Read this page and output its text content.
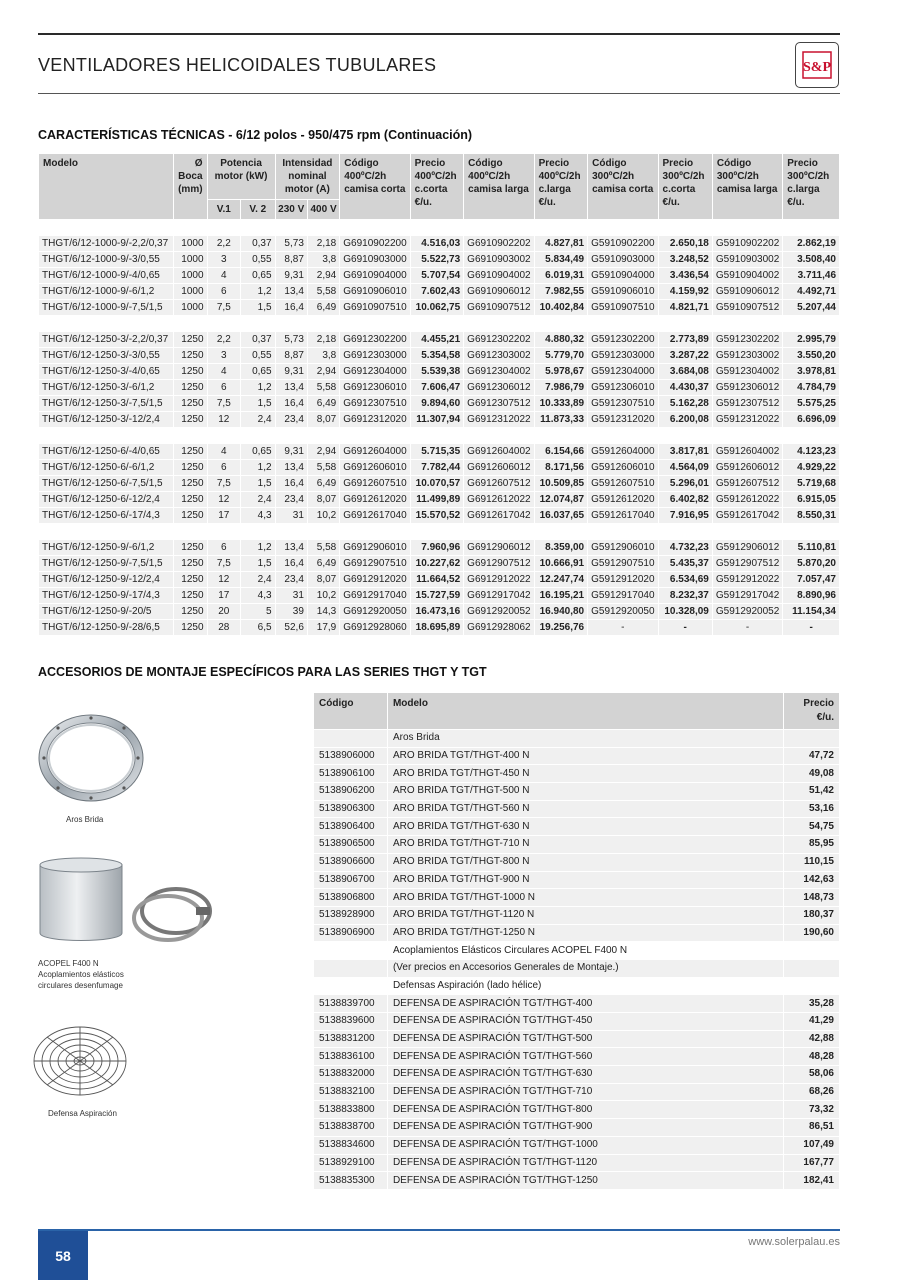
VENTILADORES HELICOIDALES TUBULARES	S&P
CARACTERÍSTICAS TÉCNICAS - 6/12 polos - 950/475 rpm (Continuación)
Modelo	Ø Boca (mm)	Potencia motor (kW)		Intensidad nominal motor (A)		Código 400ºC/2h camisa corta	Precio 400ºC/2h c.corta €/u.	Código 400ºC/2h camisa larga	Precio 400ºC/2h c.larga €/u.	Código 300ºC/2h camisa corta	Precio 300ºC/2h c.corta €/u.	Código 300ºC/2h camisa larga	Precio 300ºC/2h c.larga €/u.
		V.1	V. 2	230 V	400 V								

THGT/6/12-1000-9/-2,2/0,37	1000	2,2	0,37	5,73	2,18	G6910902200	4.516,03	G6910902202	4.827,81	G5910902200	2.650,18	G5910902202	2.862,19
THGT/6/12-1000-9/-3/0,55	1000	3	0,55	8,87	3,8	G6910903000	5.522,73	G6910903002	5.834,49	G5910903000	3.248,52	G5910903002	3.508,40
THGT/6/12-1000-9/-4/0,65	1000	4	0,65	9,31	2,94	G6910904000	5.707,54	G6910904002	6.019,31	G5910904000	3.436,54	G5910904002	3.711,46
THGT/6/12-1000-9/-6/1,2	1000	6	1,2	13,4	5,58	G6910906010	7.602,43	G6910906012	7.982,55	G5910906010	4.159,92	G5910906012	4.492,71
THGT/6/12-1000-9/-7,5/1,5	1000	7,5	1,5	16,4	6,49	G6910907510	10.062,75	G6910907512	10.402,84	G5910907510	4.821,71	G5910907512	5.207,44

THGT/6/12-1250-3/-2,2/0,37	1250	2,2	0,37	5,73	2,18	G6912302200	4.455,21	G6912302202	4.880,32	G5912302200	2.773,89	G5912302202	2.995,79
THGT/6/12-1250-3/-3/0,55	1250	3	0,55	8,87	3,8	G6912303000	5.354,58	G6912303002	5.779,70	G5912303000	3.287,22	G5912303002	3.550,20
THGT/6/12-1250-3/-4/0,65	1250	4	0,65	9,31	2,94	G6912304000	5.539,38	G6912304002	5.978,67	G5912304000	3.684,08	G5912304002	3.978,81
THGT/6/12-1250-3/-6/1,2	1250	6	1,2	13,4	5,58	G6912306010	7.606,47	G6912306012	7.986,79	G5912306010	4.430,37	G5912306012	4.784,79
THGT/6/12-1250-3/-7,5/1,5	1250	7,5	1,5	16,4	6,49	G6912307510	9.894,60	G6912307512	10.333,89	G5912307510	5.162,28	G5912307512	5.575,25
THGT/6/12-1250-3/-12/2,4	1250	12	2,4	23,4	8,07	G6912312020	11.307,94	G6912312022	11.873,33	G5912312020	6.200,08	G5912312022	6.696,09

THGT/6/12-1250-6/-4/0,65	1250	4	0,65	9,31	2,94	G6912604000	5.715,35	G6912604002	6.154,66	G5912604000	3.817,81	G5912604002	4.123,23
THGT/6/12-1250-6/-6/1,2	1250	6	1,2	13,4	5,58	G6912606010	7.782,44	G6912606012	8.171,56	G5912606010	4.564,09	G5912606012	4.929,22
THGT/6/12-1250-6/-7,5/1,5	1250	7,5	1,5	16,4	6,49	G6912607510	10.070,57	G6912607512	10.509,85	G5912607510	5.296,01	G5912607512	5.719,68
THGT/6/12-1250-6/-12/2,4	1250	12	2,4	23,4	8,07	G6912612020	11.499,89	G6912612022	12.074,87	G5912612020	6.402,82	G5912612022	6.915,05
THGT/6/12-1250-6/-17/4,3	1250	17	4,3	31	10,2	G6912617040	15.570,52	G6912617042	16.037,65	G5912617040	7.916,95	G5912617042	8.550,31

THGT/6/12-1250-9/-6/1,2	1250	6	1,2	13,4	5,58	G6912906010	7.960,96	G6912906012	8.359,00	G5912906010	4.732,23	G5912906012	5.110,81
THGT/6/12-1250-9/-7,5/1,5	1250	7,5	1,5	16,4	6,49	G6912907510	10.227,62	G6912907512	10.666,91	G5912907510	5.435,37	G5912907512	5.870,20
THGT/6/12-1250-9/-12/2,4	1250	12	2,4	23,4	8,07	G6912912020	11.664,52	G6912912022	12.247,74	G5912912020	6.534,69	G5912912022	7.057,47
THGT/6/12-1250-9/-17/4,3	1250	17	4,3	31	10,2	G6912917040	15.727,59	G6912917042	16.195,21	G5912917040	8.232,37	G5912917042	8.890,96
THGT/6/12-1250-9/-20/5	1250	20	5	39	14,3	G6912920050	16.473,16	G6912920052	16.940,80	G5912920050	10.328,09	G5912920052	11.154,34
THGT/6/12-1250-9/-28/6,5	1250	28	6,5	52,6	17,9	G6912928060	18.695,89	G6912928062	19.256,76	-	-	-	-
ACCESORIOS DE MONTAJE ESPECÍFICOS PARA LAS SERIES THGT Y TGT
Aros Brida
ACOPEL F400 N
Acoplamientos elásticos
circulares desenfumage
Defensa Aspiración
Código	Modelo	Precio €/u.
	Aros Brida	
5138906000	ARO BRIDA TGT/THGT-400 N	47,72
5138906100	ARO BRIDA TGT/THGT-450 N	49,08
5138906200	ARO BRIDA TGT/THGT-500 N	51,42
5138906300	ARO BRIDA TGT/THGT-560 N	53,16
5138906400	ARO BRIDA TGT/THGT-630 N	54,75
5138906500	ARO BRIDA TGT/THGT-710 N	85,95
5138906600	ARO BRIDA TGT/THGT-800 N	110,15
5138906700	ARO BRIDA TGT/THGT-900 N	142,63
5138906800	ARO BRIDA TGT/THGT-1000 N	148,73
5138928900	ARO BRIDA TGT/THGT-1120 N	180,37
5138906900	ARO BRIDA TGT/THGT-1250 N	190,60
	Acoplamientos Elásticos Circulares ACOPEL F400 N	
	(Ver precios en Accesorios Generales de Montaje.)	
	Defensas Aspiración (lado hélice)	
5138839700	DEFENSA DE ASPIRACIÓN TGT/THGT-400	35,28
5138839600	DEFENSA DE ASPIRACIÓN TGT/THGT-450	41,29
5138831200	DEFENSA DE ASPIRACIÓN TGT/THGT-500	42,88
5138836100	DEFENSA DE ASPIRACIÓN TGT/THGT-560	48,28
5138832000	DEFENSA DE ASPIRACIÓN TGT/THGT-630	58,06
5138832100	DEFENSA DE ASPIRACIÓN TGT/THGT-710	68,26
5138833800	DEFENSA DE ASPIRACIÓN TGT/THGT-800	73,32
5138838700	DEFENSA DE ASPIRACIÓN TGT/THGT-900	86,51
5138834600	DEFENSA DE ASPIRACIÓN TGT/THGT-1000	107,49
5138929100	DEFENSA DE ASPIRACIÓN TGT/THGT-1120	167,77
5138835300	DEFENSA DE ASPIRACIÓN TGT/THGT-1250	182,41
58
www.solerpalau.es
